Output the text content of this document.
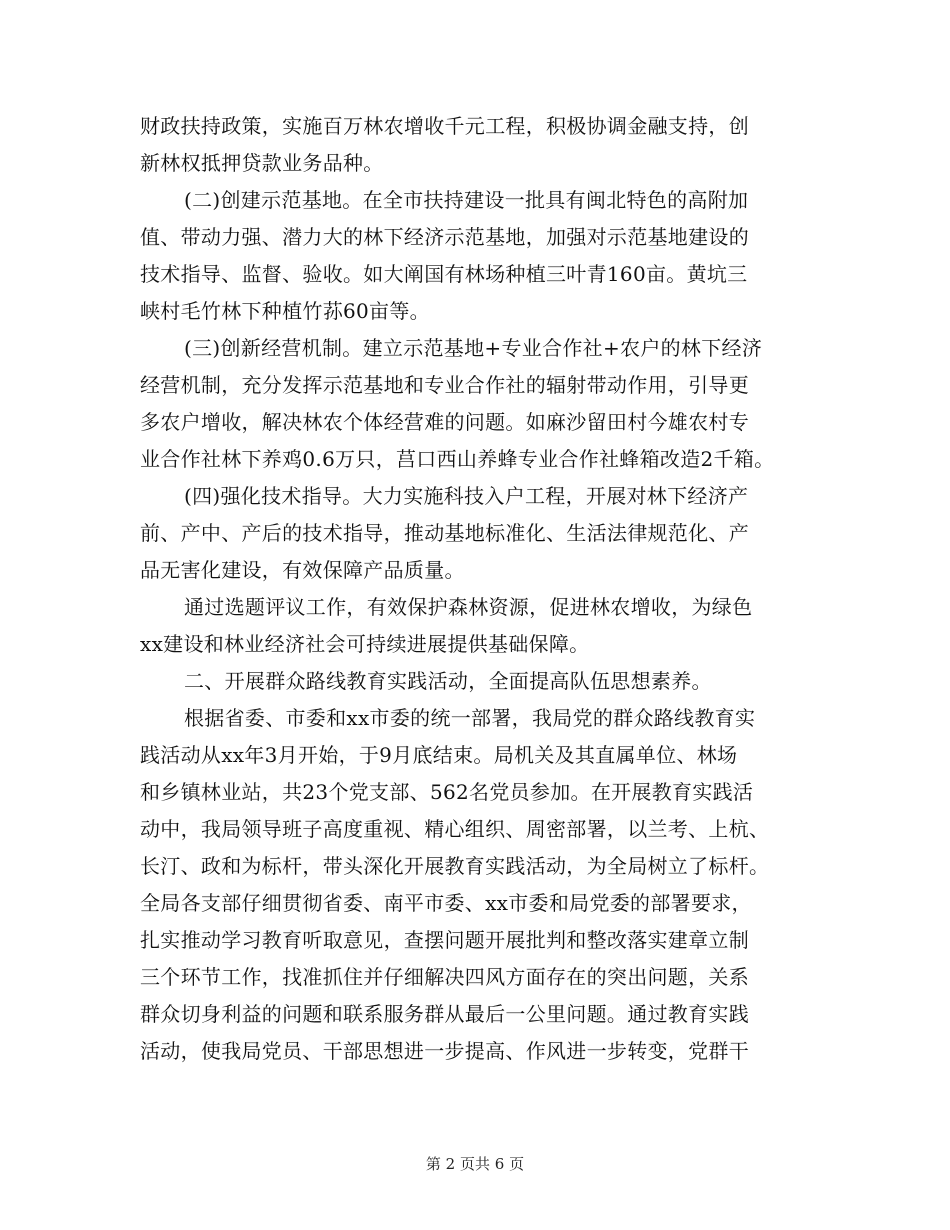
财政扶持政策，实施百万林农增收千元工程，积极协调金融支持，创
新林权抵押贷款业务品种。
(二)创建示范基地。在全市扶持建设一批具有闽北特色的高附加
值、带动力强、潜力大的林下经济示范基地，加强对示范基地建设的
技术指导、监督、验收。如大阐国有林场种植三叶青160亩。黄坑三
峡村毛竹林下种植竹荪60亩等。
(三)创新经营机制。建立示范基地+专业合作社+农户的林下经济
经营机制，充分发挥示范基地和专业合作社的辐射带动作用，引导更
多农户增收，解决林农个体经营难的问题。如麻沙留田村今雄农村专
业合作社林下养鸡0.6万只，莒口西山养蜂专业合作社蜂箱改造2千箱。
(四)强化技术指导。大力实施科技入户工程，开展对林下经济产
前、产中、产后的技术指导，推动基地标准化、生活法律规范化、产
品无害化建设，有效保障产品质量。
通过选题评议工作，有效保护森林资源，促进林农增收，为绿色
xx建设和林业经济社会可持续进展提供基础保障。
二、开展群众路线教育实践活动，全面提高队伍思想素养。
根据省委、市委和xx市委的统一部署，我局党的群众路线教育实
践活动从xx年3月开始，于9月底结束。局机关及其直属单位、林场
和乡镇林业站，共23个党支部、562名党员参加。在开展教育实践活
动中，我局领导班子高度重视、精心组织、周密部署，以兰考、上杭、
长汀、政和为标杆，带头深化开展教育实践活动，为全局树立了标杆。
全局各支部仔细贯彻省委、南平市委、xx市委和局党委的部署要求，
扎实推动学习教育听取意见，查摆问题开展批判和整改落实建章立制
三个环节工作，找准抓住并仔细解决四风方面存在的突出问题，关系
群众切身利益的问题和联系服务群从最后一公里问题。通过教育实践
活动，使我局党员、干部思想进一步提高、作风进一步转变，党群干
第 2 页共 6 页
